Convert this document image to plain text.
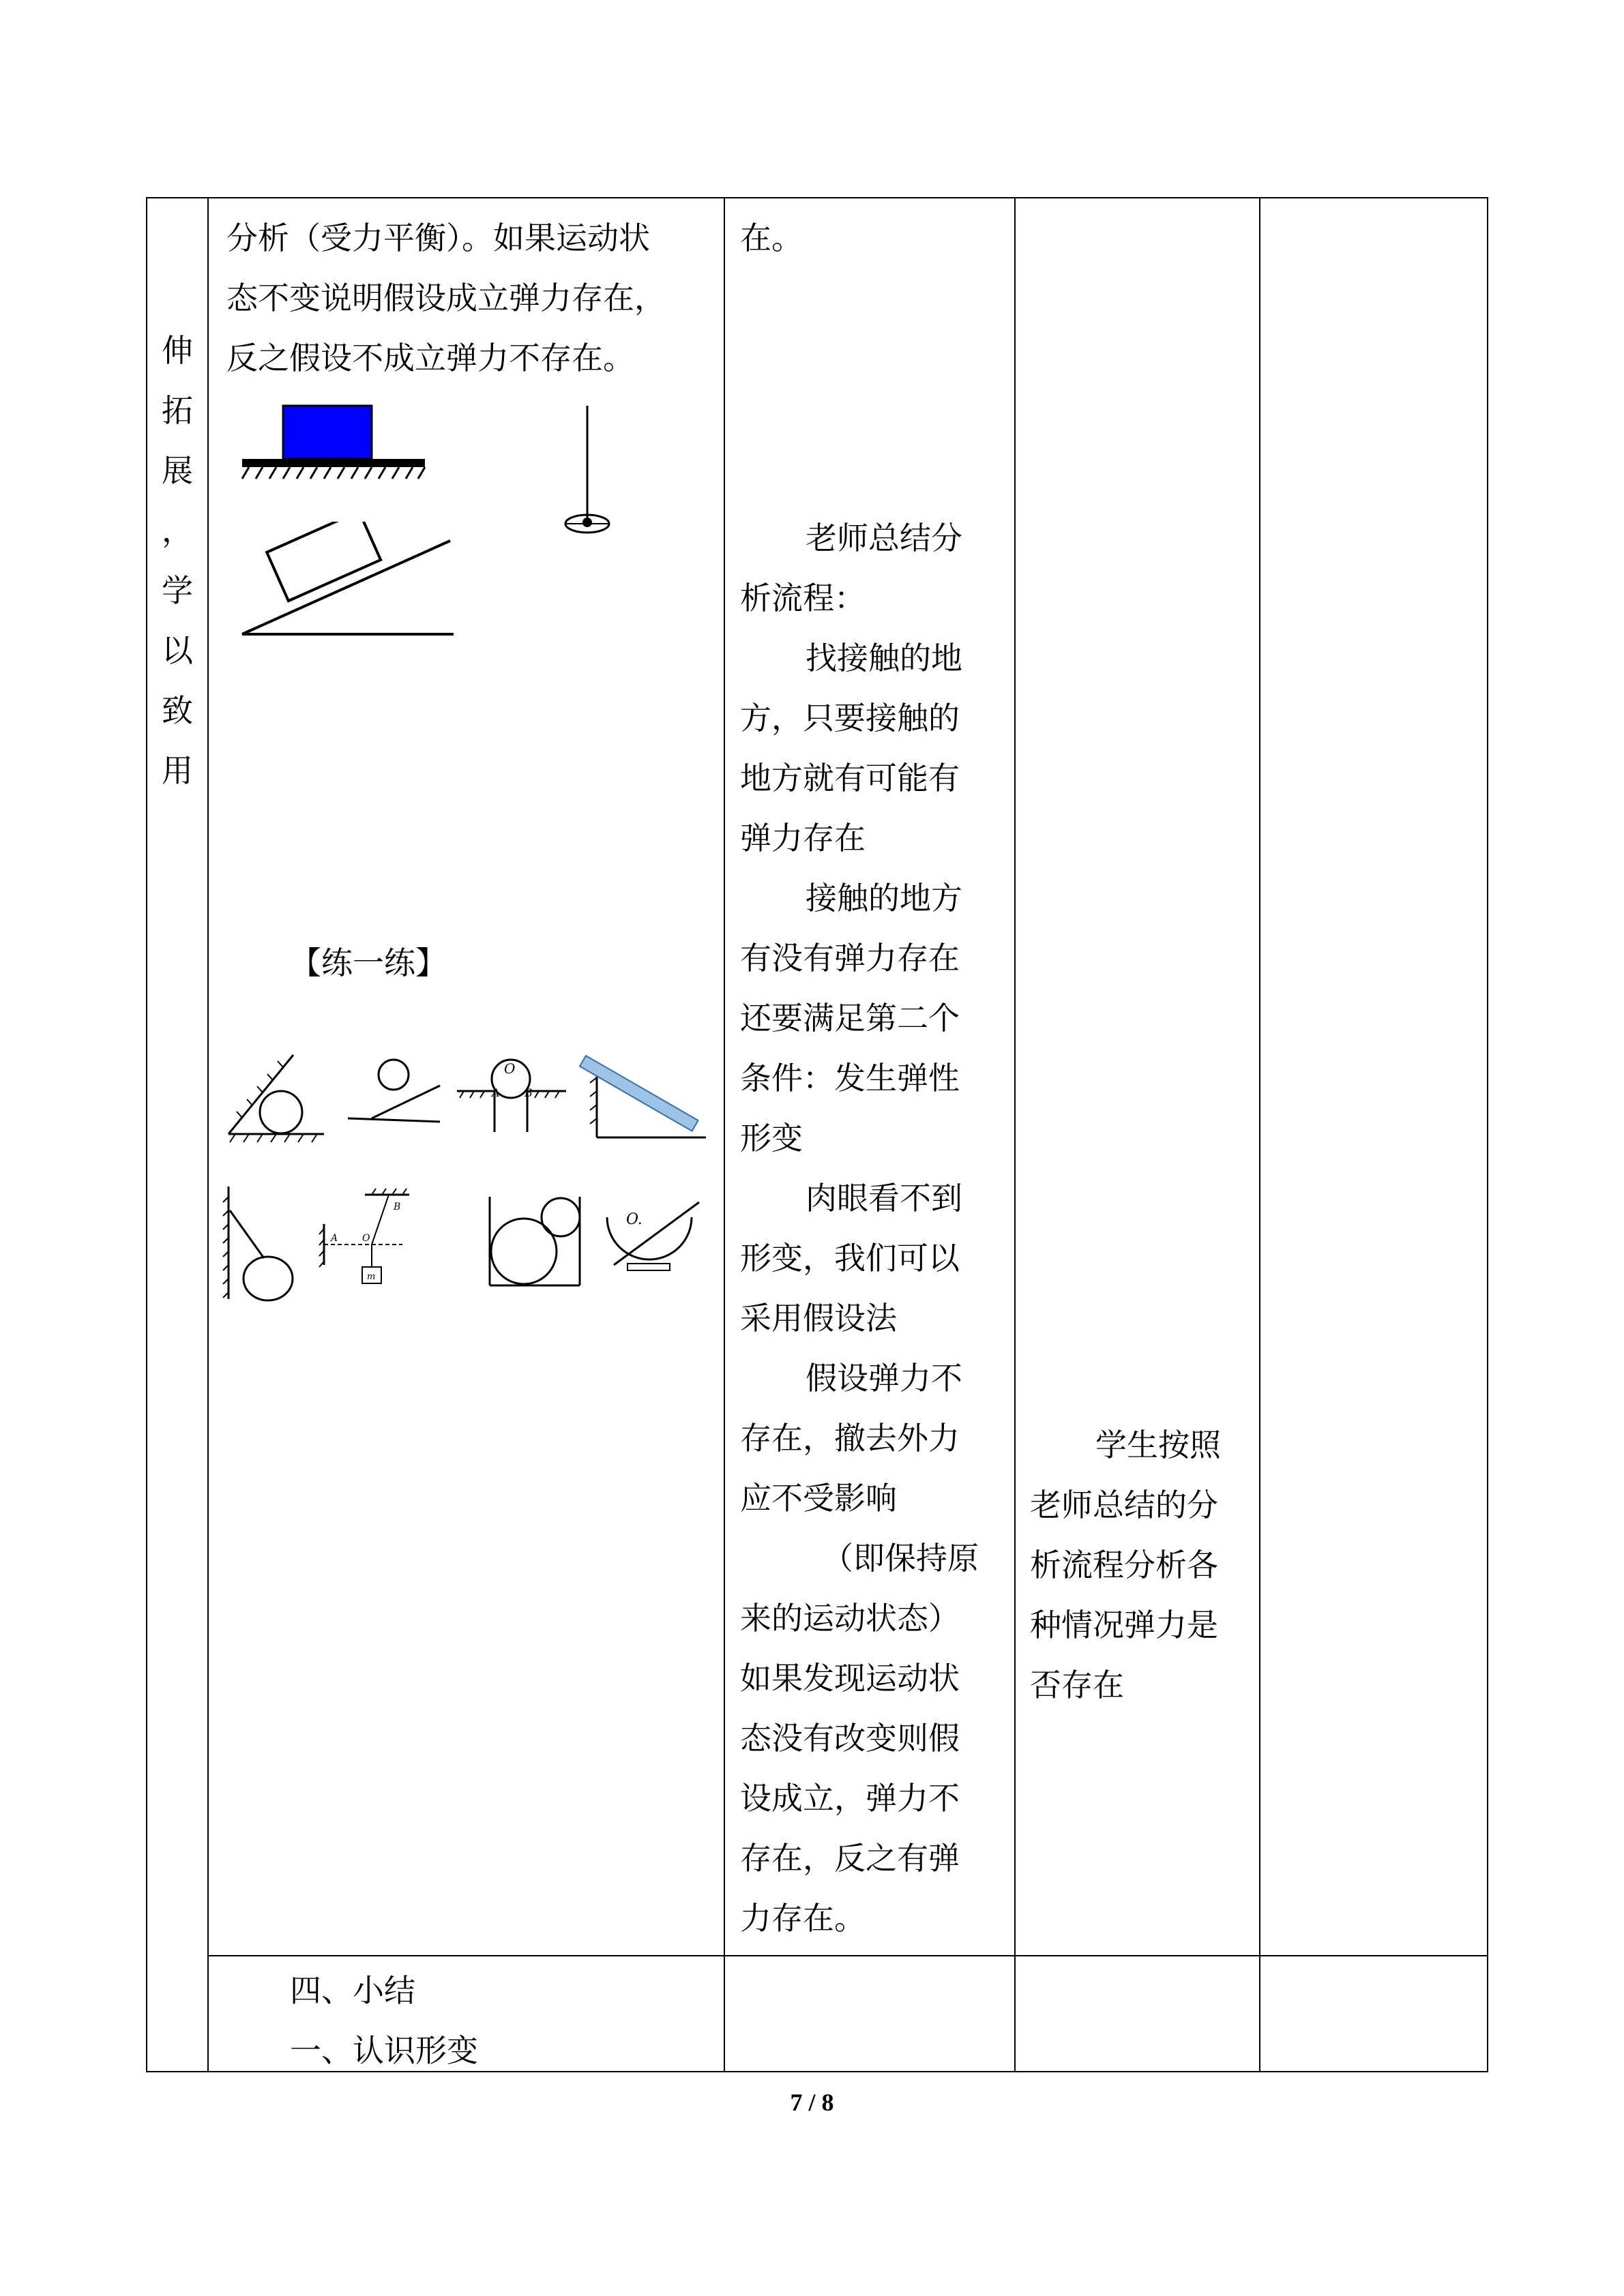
伸
拓
展
，
学
以
致
用
分析（受力平衡）。如果运动状
态不变说明假设成立弹力存在，
反之假设不成立弹力不存在。
【练一练】
O
A B
B
A	O
m
O.
在。
老师总结分
析流程：
找接触的地
方，只要接触的
地方就有可能有
弹力存在
接触的地方
有没有弹力存在
还要满足第二个
条件：发生弹性
形变
肉眼看不到
形变，我们可以
采用假设法
假设弹力不
存在，撤去外力
应不受影响
（即保持原
来的运动状态）
如果发现运动状
态没有改变则假
设成立，弹力不
存在，反之有弹
力存在。
学生按照
老师总结的分
析流程分析各
种情况弹力是
否存在
四、小结
一、认识形变
7 / 8
